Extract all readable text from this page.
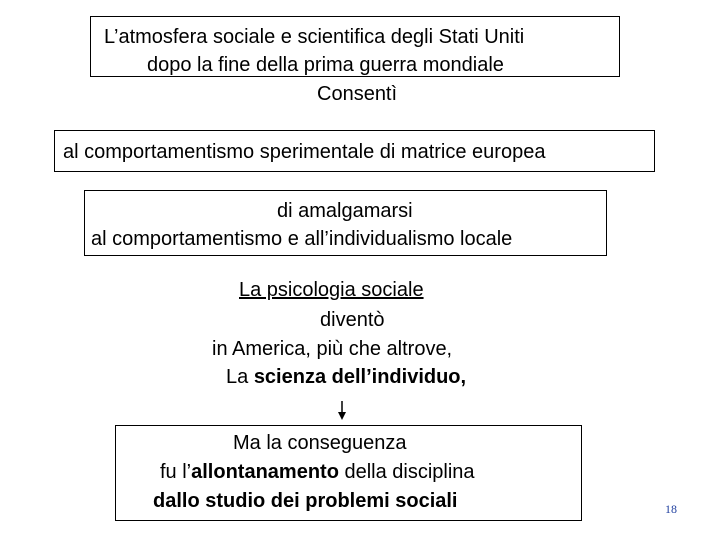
L’atmosfera sociale e scientifica degli Stati Uniti
dopo la fine della prima guerra mondiale
Consentì
al comportamentismo sperimentale di matrice europea
di amalgamarsi
al comportamentismo e all’individualismo locale
La psicologia sociale
diventò
in America, più che altrove,
La scienza dell’individuo,
Ma la conseguenza
fu l’allontanamento della disciplina
dallo studio dei problemi sociali	18
